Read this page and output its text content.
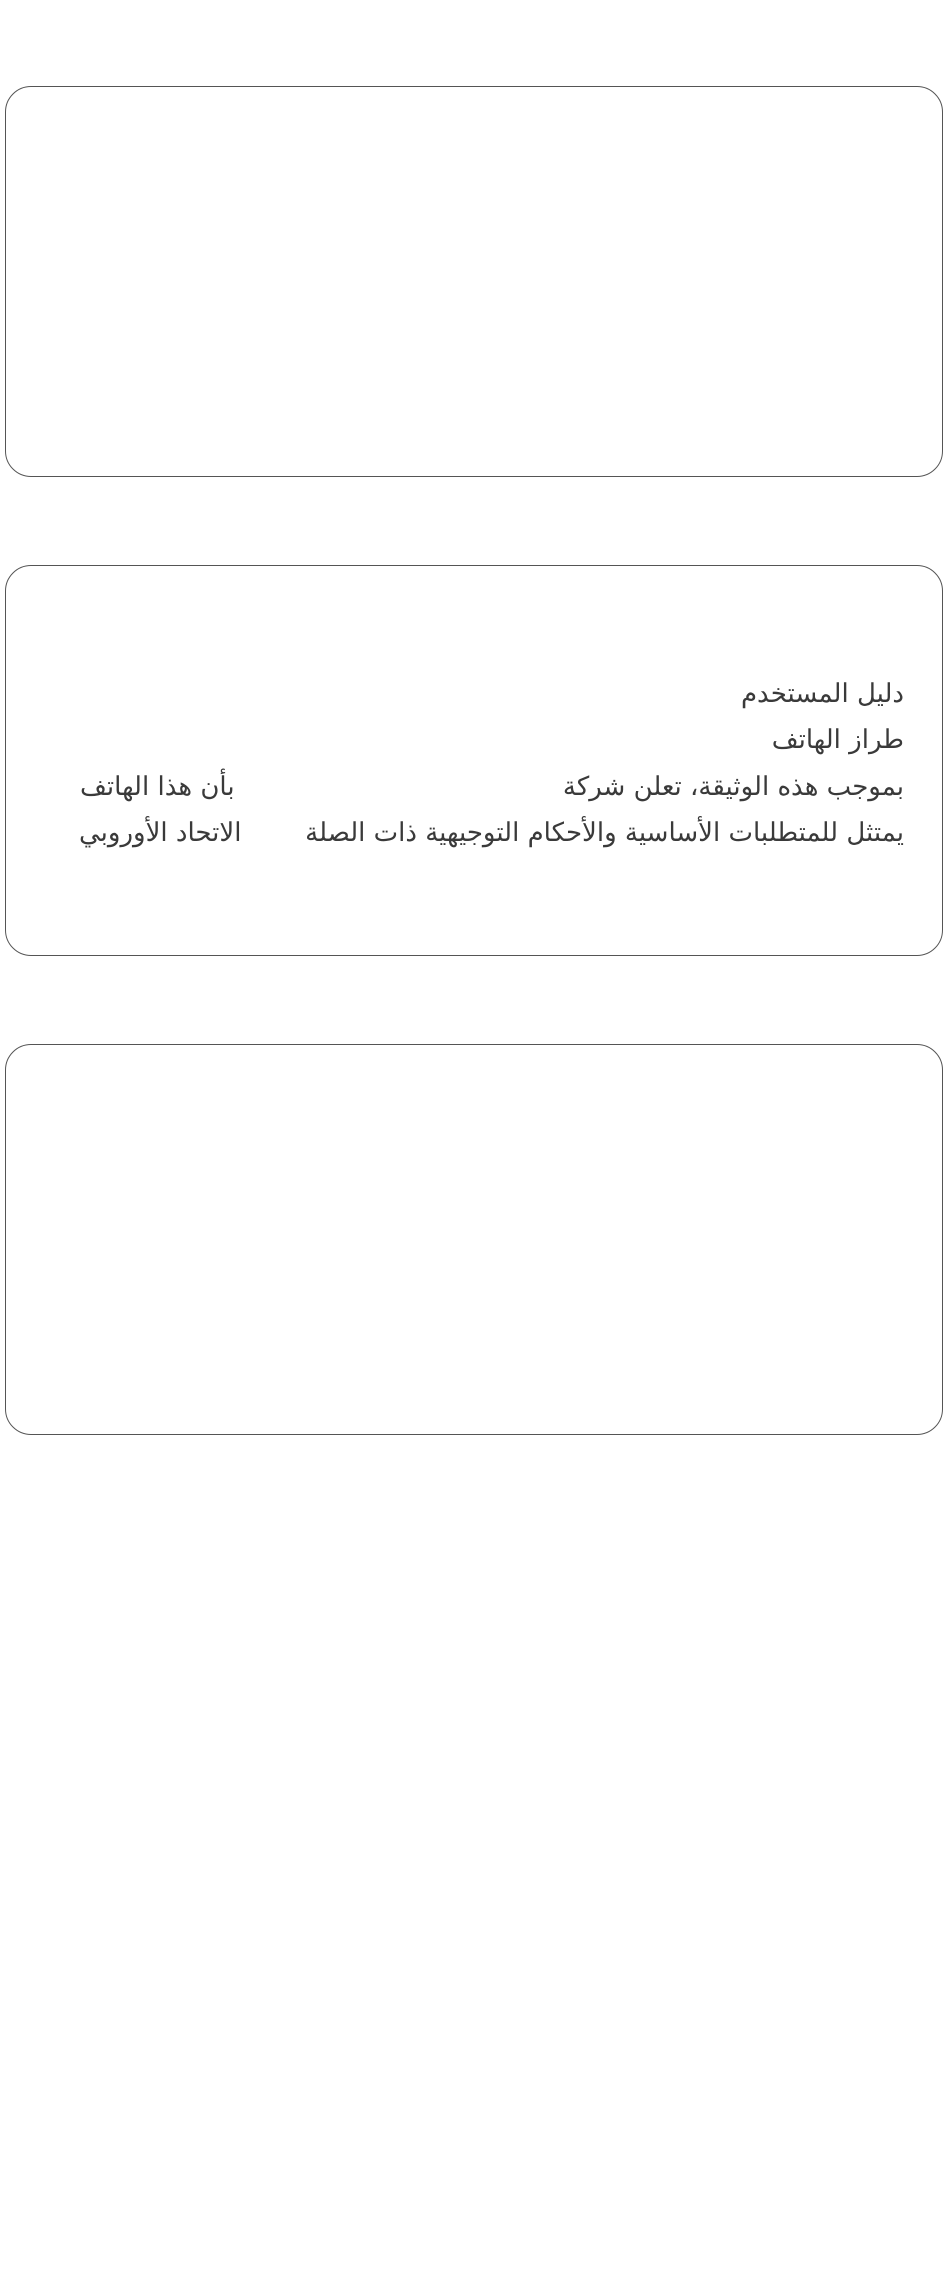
دليل المستخدم
طراز الهاتف
بموجب هذه الوثيقة، تعلن شركة
بأن هذا الهاتف
يمتثل للمتطلبات الأساسية والأحكام التوجيهية ذات الصلة
الاتحاد الأوروبي
